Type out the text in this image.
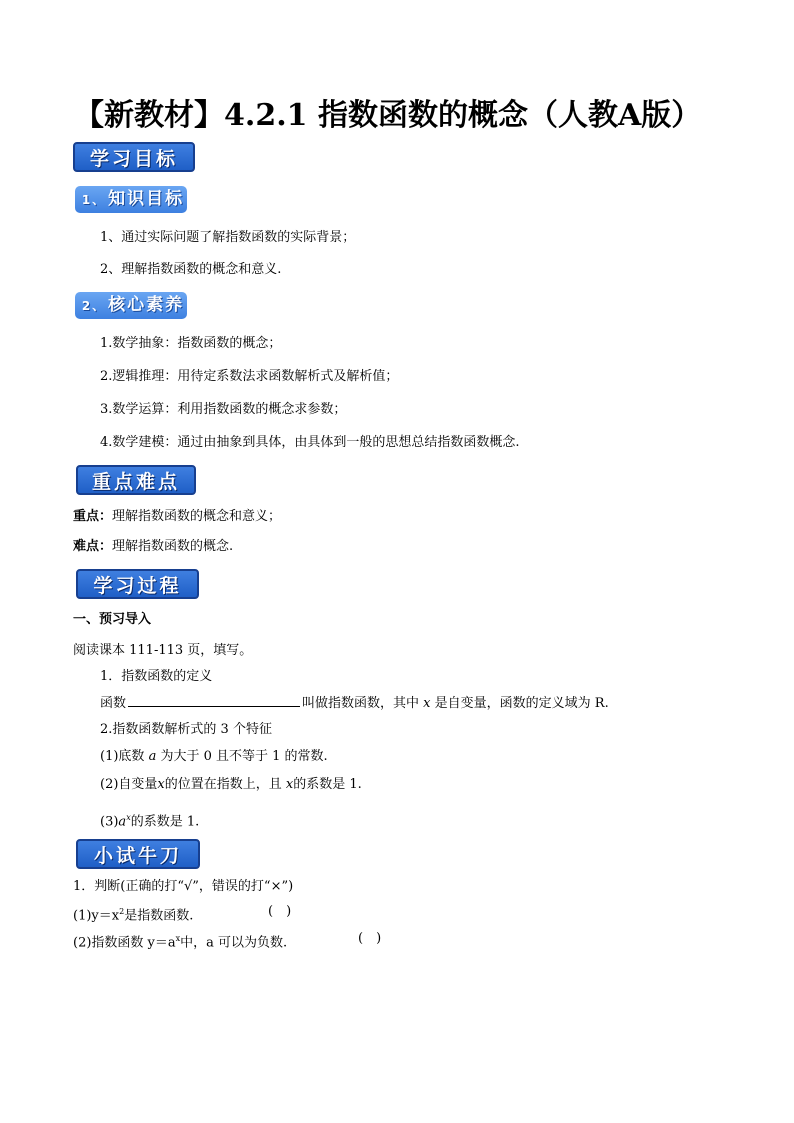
【新教材】4.2.1 指数函数的概念（人教A版）
学习目标
1、 知识目标
1、通过实际问题了解指数函数的实际背景；
2、理解指数函数的概念和意义.
2、 核心素养
1.数学抽象：指数函数的概念；
2.逻辑推理：用待定系数法求函数解析式及解析值；
3.数学运算：利用指数函数的概念求参数；
4.数学建模：通过由抽象到具体，由具体到一般的思想总结指数函数概念.
重点难点
重点：理解指数函数的概念和意义；
难点：理解指数函数的概念.
学习过程
一、预习导入
阅读课本 111-113 页，填写。
1．指数函数的定义
函数	叫做指数函数，其中 x 是自变量，函数的定义域为 R.
2.指数函数解析式的 3 个特征
(1)底数 a 为大于 0 且不等于 1 的常数.
(2)自变量x的位置在指数上，且 x的系数是 1.
$(3)a^x$的系数是 1.
小试牛刀
1．判断(正确的打“√”，错误的打“×”)
$(1)y=x^2$是指数函数.	(　)
(2)指数函数 $y=a^x$中，a 可以为负数.	(　)
